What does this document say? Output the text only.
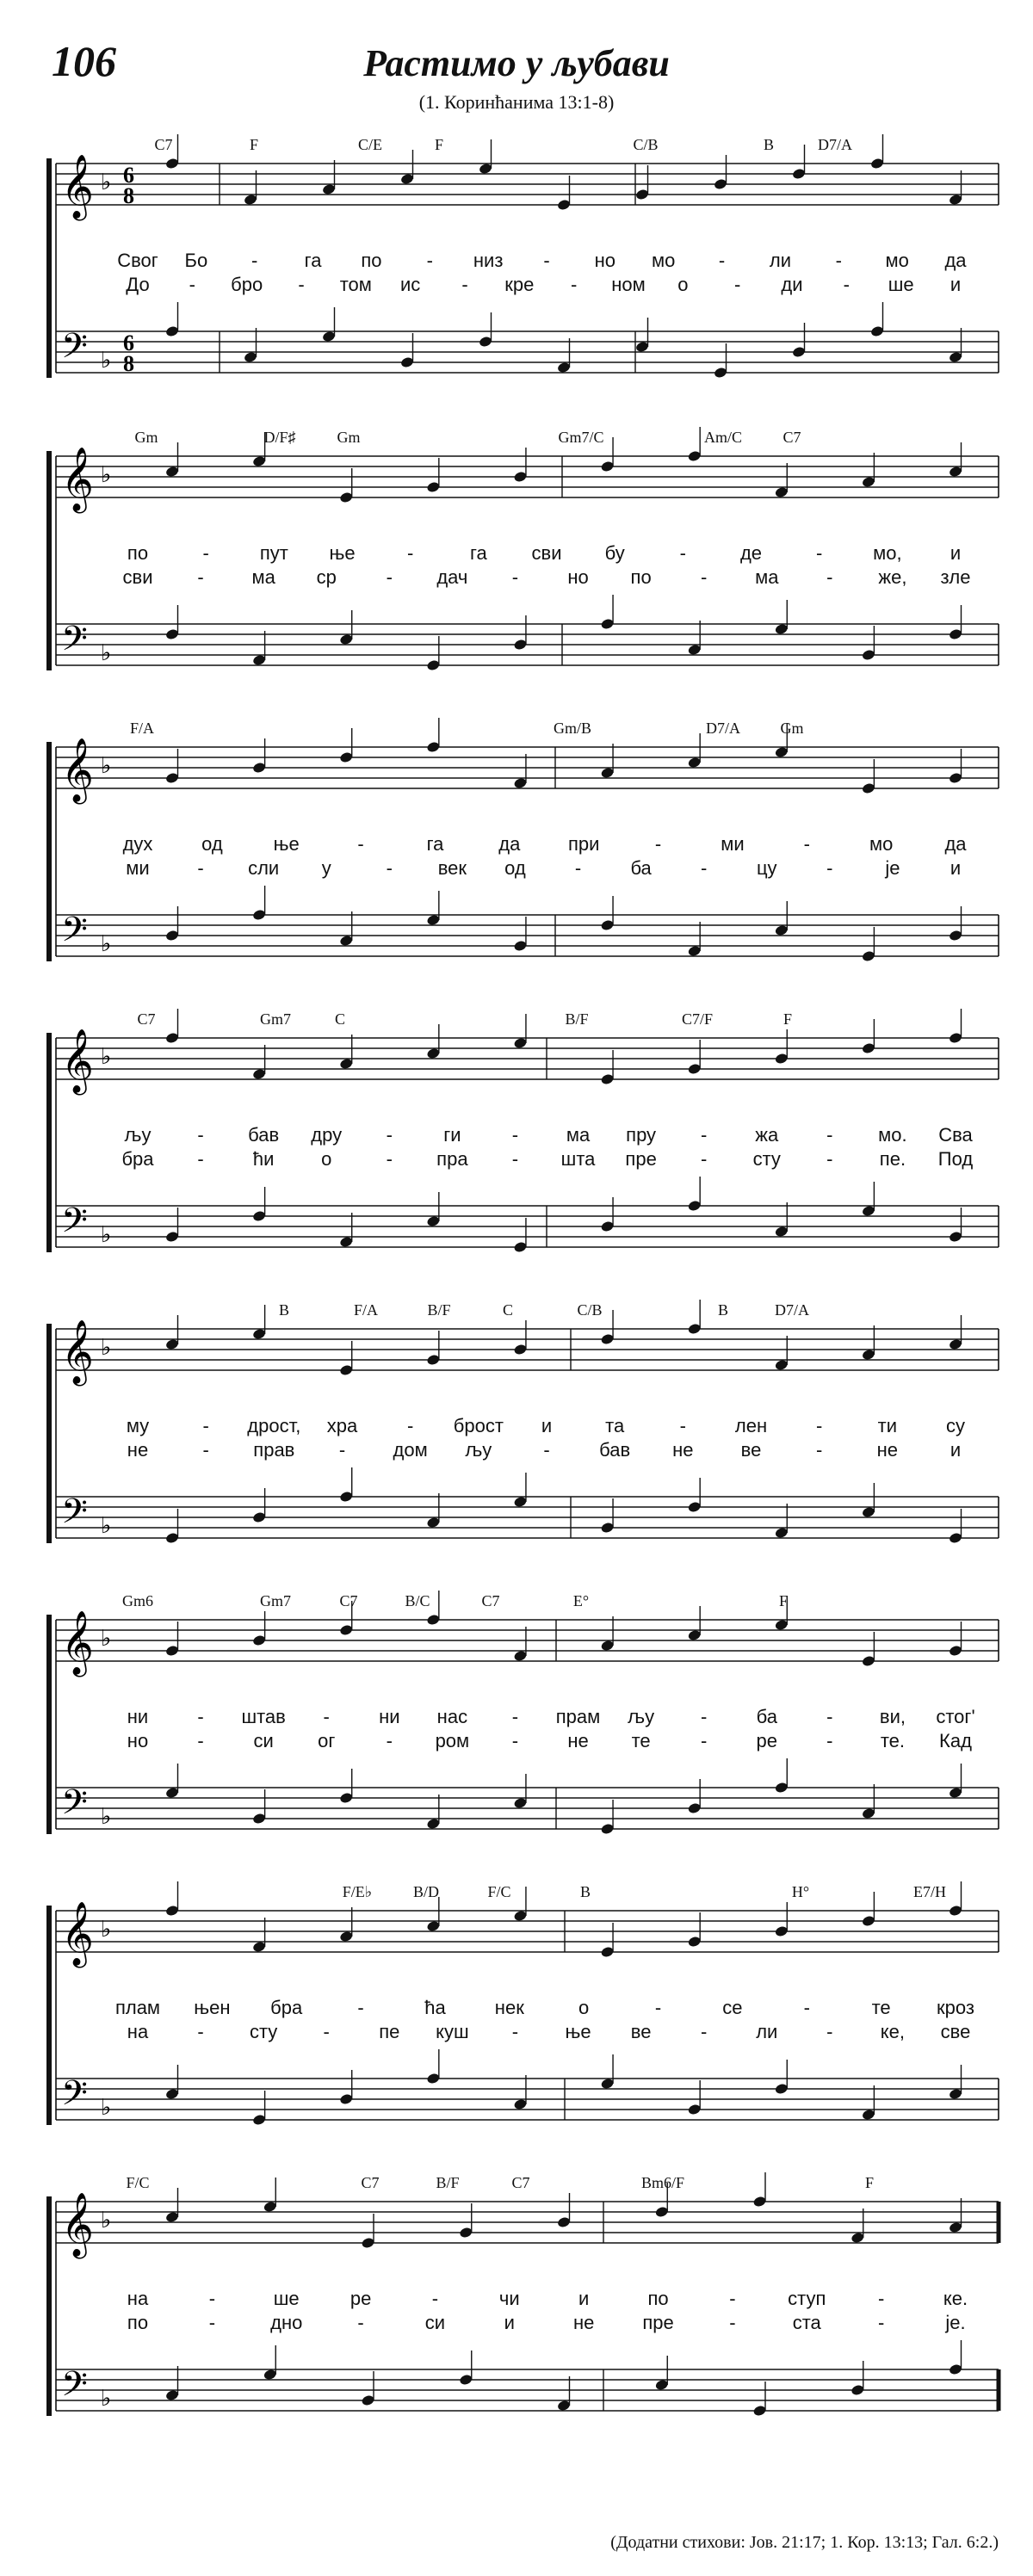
106	Растимо у љубави
(1. Коринћанима 13:1-8)
𝄞
𝄢
♭
♭
6
8
6
8
C7	F	C/E	F	C/B	B	D7/A
Свог Бо - га по - низ - но мо - ли - мо да
До - бро - том ис - кре - ном о - ди - ше и
𝄞
𝄢
♭
♭
Gm	D/F♯	Gm	Gm7/C	Am/C	C7
по	-	пут ње	-	га сви бу	-	де	-	мо,	и
сви -	ма ср	- дач -	но по	-	ма	- же, зле
𝄞
𝄢
♭
♭
F/A	Gm/B	D7/A	Gm
дух	од	ње	-	га	да	при	-	ми	-	мо	да
ми	- сли у	- век од	-	ба	-	цу	-	је	и
𝄞
𝄢
♭
♭
C7	Gm7	C	B/F	C7/F	F
љу - бав дру -	ги	-	ма пру -	жа	- мо. Сва
бра -	ћи о	- пра - шта пре - сту - пе. Под
𝄞
𝄢
♭
♭
B	F/A	B/F	C	C/B	B	D7/A
му	- дрост, хра	- брост и	та	-	лен	-	ти	су
не	- прав -	дом љу	-	бав не	ве	-	не	и
𝄞
𝄢
♭
♭
Gm6	Gm7	C7	B/C	C7	E°	F
ни	- штав -	ни нас - прам љу -	ба	- ви, стог'
но	-	си ог	- ром -	не те	-	ре	-	те. Кад
𝄞
𝄢
♭
♭
F/E♭	B/D	F/C	B	H°	E7/H
плам њен бра	-	ћа	нек	о	-	се	-	те кроз
на	- сту -	пе куш - ње ве	-	ли	-	ке, све
𝄞
𝄢
♭
♭
F/C	C7	B/F	C7	Bm6/F	F
на	-	ше	ре	-	чи	и	по	-	ступ	-	ке.
по	-	дно	-	си	и	не	пре	-	ста	-	је.
(Додатни стихови: Јов. 21:17; 1. Кор. 13:13; Гал. 6:2.)
